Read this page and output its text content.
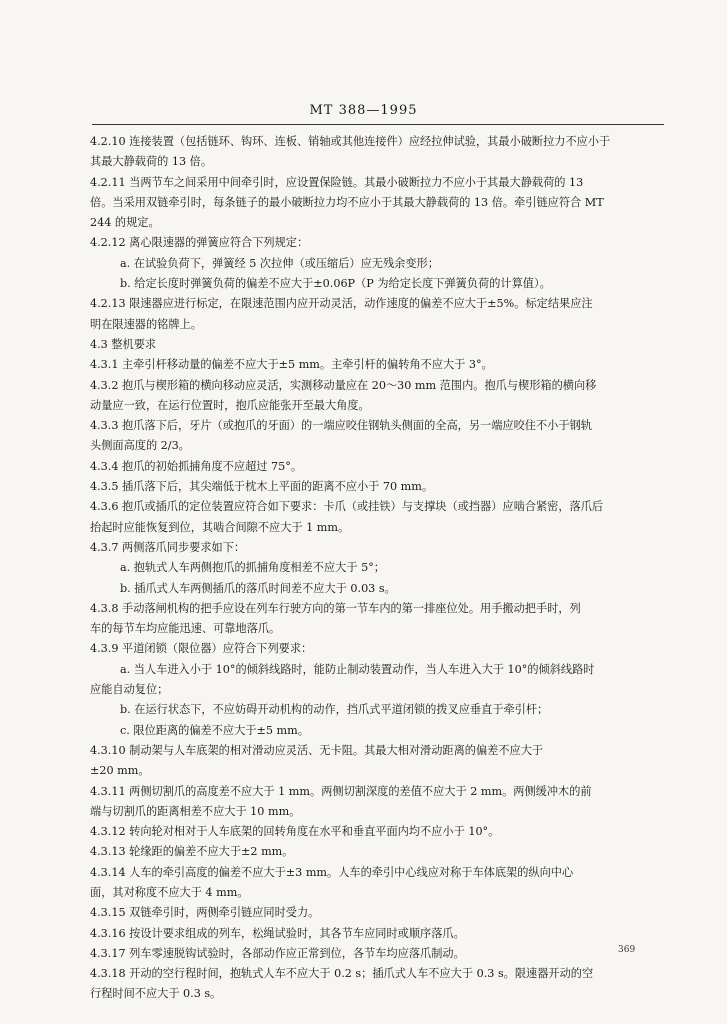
MT 388—1995
4.2.10 连接装置（包括链环、钩环、连板、销轴或其他连接件）应经拉伸试验，其最小破断拉力不应小于
其最大静载荷的 13 倍。
4.2.11 当两节车之间采用中间牵引时，应设置保险链。其最小破断拉力不应小于其最大静载荷的 13
倍。当采用双链牵引时，每条链子的最小破断拉力均不应小于其最大静载荷的 13 倍。牵引链应符合 MT
244 的规定。
4.2.12 离心限速器的弹簧应符合下列规定：
a. 在试验负荷下，弹簧经 5 次拉伸（或压缩后）应无残余变形；
b. 给定长度时弹簧负荷的偏差不应大于±0.06P（P 为给定长度下弹簧负荷的计算值）。
4.2.13 限速器应进行标定，在限速范围内应开动灵活，动作速度的偏差不应大于±5%。标定结果应注
明在限速器的铭牌上。
4.3 整机要求
4.3.1 主牵引杆移动量的偏差不应大于±5 mm。主牵引杆的偏转角不应大于 3°。
4.3.2 抱爪与楔形箱的横向移动应灵活，实测移动量应在 20～30 mm 范围内。抱爪与楔形箱的横向移
动量应一致，在运行位置时，抱爪应能张开至最大角度。
4.3.3 抱爪落下后，牙片（或抱爪的牙面）的一端应咬住钢轨头侧面的全高，另一端应咬住不小于钢轨
头侧面高度的 2/3。
4.3.4 抱爪的初始抓捕角度不应超过 75°。
4.3.5 插爪落下后，其尖端低于枕木上平面的距离不应小于 70 mm。
4.3.6 抱爪或插爪的定位装置应符合如下要求：卡爪（或挂铁）与支撑块（或挡器）应啮合紧密，落爪后
抬起时应能恢复到位，其啮合间隙不应大于 1 mm。
4.3.7 两侧落爪同步要求如下：
a. 抱轨式人车两侧抱爪的抓捕角度相差不应大于 5°；
b. 插爪式人车两侧插爪的落爪时间差不应大于 0.03 s。
4.3.8 手动落闸机构的把手应设在列车行驶方向的第一节车内的第一排座位处。用手搬动把手时，列
车的每节车均应能迅速、可靠地落爪。
4.3.9 平道闭锁（限位器）应符合下列要求：
a. 当人车进入小于 10°的倾斜线路时，能防止制动装置动作，当人车进入大于 10°的倾斜线路时
应能自动复位；
b. 在运行状态下，不应妨碍开动机构的动作，挡爪式平道闭锁的拨叉应垂直于牵引杆；
c. 限位距离的偏差不应大于±5 mm。
4.3.10 制动架与人车底架的相对滑动应灵活、无卡阻。其最大相对滑动距离的偏差不应大于
±20 mm。
4.3.11 两侧切割爪的高度差不应大于 1 mm。两侧切割深度的差值不应大于 2 mm。两侧缓冲木的前
端与切割爪的距离相差不应大于 10 mm。
4.3.12 转向轮对相对于人车底架的回转角度在水平和垂直平面内均不应小于 10°。
4.3.13 轮缘距的偏差不应大于±2 mm。
4.3.14 人车的牵引高度的偏差不应大于±3 mm。人车的牵引中心线应对称于车体底架的纵向中心
面，其对称度不应大于 4 mm。
4.3.15 双链牵引时，两侧牵引链应同时受力。
4.3.16 按设计要求组成的列车，松绳试验时，其各节车应同时或顺序落爪。
4.3.17 列车零速脱钩试验时，各部动作应正常到位，各节车均应落爪制动。
4.3.18 开动的空行程时间，抱轨式人车不应大于 0.2 s；插爪式人车不应大于 0.3 s。限速器开动的空
行程时间不应大于 0.3 s。
369
